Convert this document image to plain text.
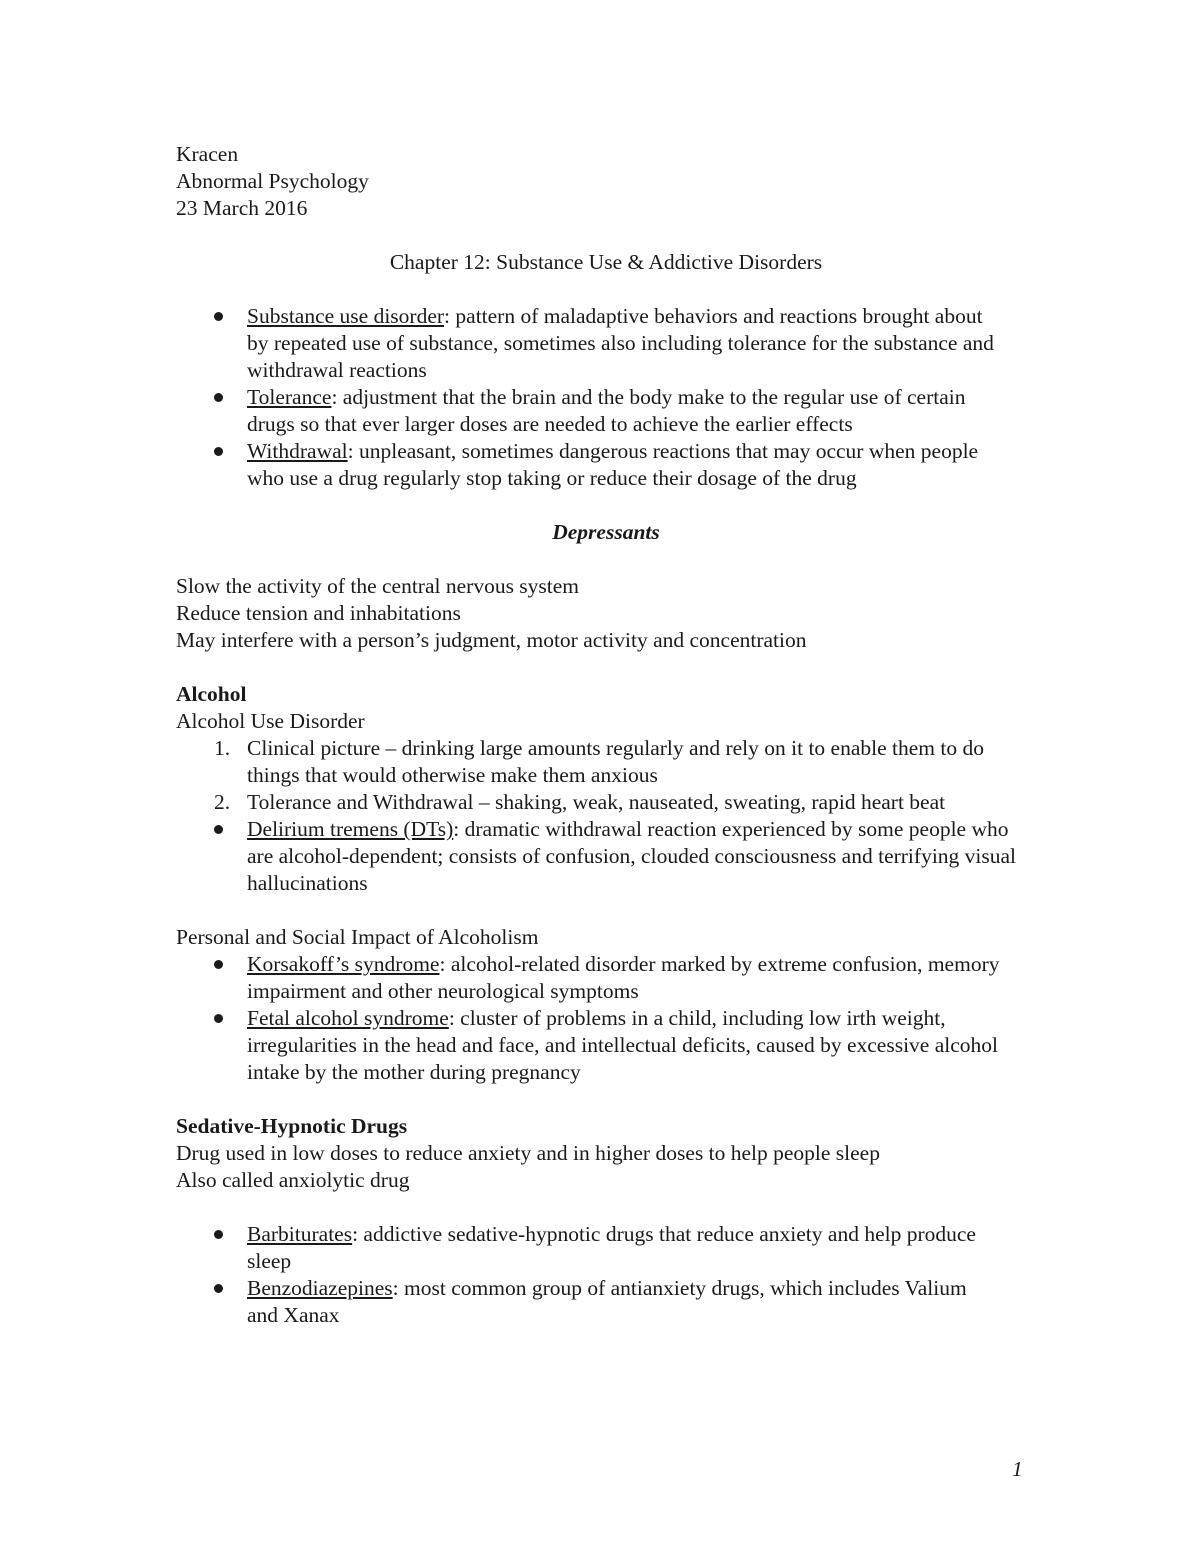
Kracen

Abnormal Psychology

23 March 2016

Chapter 12: Substance Use & Addictive Disorders

Substance use disorder: pattern of maladaptive behaviors and reactions brought about by repeated use of substance, sometimes also including tolerance for the substance and withdrawal reactions
Tolerance: adjustment that the brain and the body make to the regular use of certain drugs so that ever larger doses are needed to achieve the earlier effects
Withdrawal: unpleasant, sometimes dangerous reactions that may occur when people who use a drug regularly stop taking or reduce their dosage of the drug

Depressants

Slow the activity of the central nervous system

Reduce tension and inhabitations

May interfere with a person’s judgment, motor activity and concentration

Alcohol

Alcohol Use Disorder

1. Clinical picture – drinking large amounts regularly and rely on it to enable them to do things that would otherwise make them anxious
2. Tolerance and Withdrawal – shaking, weak, nauseated, sweating, rapid heart beat
Delirium tremens (DTs): dramatic withdrawal reaction experienced by some people who are alcohol-dependent; consists of confusion, clouded consciousness and terrifying visual hallucinations

Personal and Social Impact of Alcoholism

Korsakoff’s syndrome: alcohol-related disorder marked by extreme confusion, memory impairment and other neurological symptoms
Fetal alcohol syndrome: cluster of problems in a child, including low irth weight, irregularities in the head and face, and intellectual deficits, caused by excessive alcohol intake by the mother during pregnancy

Sedative-Hypnotic Drugs

Drug used in low doses to reduce anxiety and in higher doses to help people sleep

Also called anxiolytic drug

Barbiturates: addictive sedative-hypnotic drugs that reduce anxiety and help produce sleep
Benzodiazepines: most common group of antianxiety drugs, which includes Valium and Xanax
1
